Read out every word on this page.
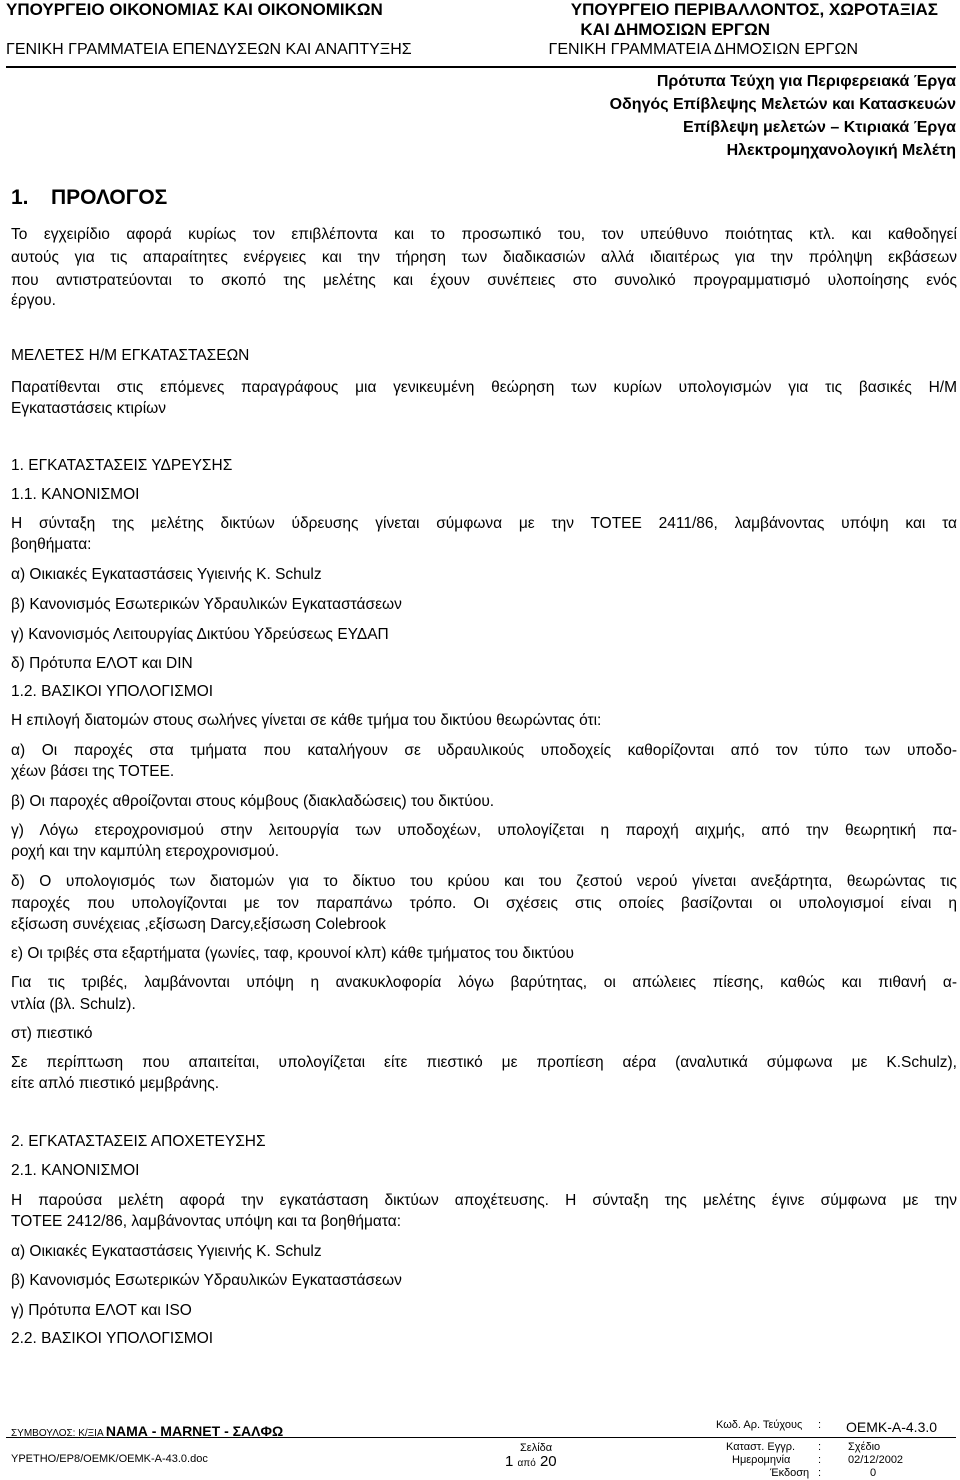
ΥΠΟΥΡΓΕΙΟ ΟΙΚΟΝΟΜΙΑΣ ΚΑΙ ΟΙΚΟΝΟΜΙΚΩΝ
ΓΕΝΙΚΗ ΓΡΑΜΜΑΤΕΙΑ ΕΠΕΝΔΥΣΕΩΝ ΚΑΙ ΑΝΑΠΤΥΞΗΣ
ΥΠΟΥΡΓΕΙΟ ΠΕΡΙΒΑΛΛΟΝΤΟΣ, ΧΩΡΟΤΑΞΙΑΣ
ΚΑΙ ΔΗΜΟΣΙΩΝ ΕΡΓΩΝ
ΓΕΝΙΚΗ ΓΡΑΜΜΑΤΕΙΑ ΔΗΜΟΣΙΩΝ ΕΡΓΩΝ
Πρότυπα Τεύχη για Περιφερειακά Έργα
Οδηγός Επίβλεψης Μελετών και Κατασκευών
Επίβλεψη μελετών – Κτιριακά Έργα
Ηλεκτρομηχανολογική Μελέτη
1. ΠΡΟΛΟΓΟΣ
Το εγχειρίδιο αφορά κυρίως τον επιβλέποντα και το προσωπικό του, τον υπεύθυνο ποιότητας κτλ. και καθοδηγεί
αυτούς για τις απαραίτητες ενέργειες και την τήρηση των διαδικασιών αλλά ιδιαιτέρως για την πρόληψη εκβάσεων
που αντιστρατεύονται το σκοπό της μελέτης και έχουν συνέπειες στο συνολικό προγραμματισμό υλοποίησης ενός
έργου.
ΜΕΛΕΤΕΣ Η/Μ ΕΓΚΑΤΑΣΤΑΣΕΩΝ
Παρατίθενται στις επόμενες παραγράφους μια γενικευμένη θεώρηση των κυρίων υπολογισμών για τις βασικές Η/Μ
Εγκαταστάσεις κτιρίων
1. ΕΓΚΑΤΑΣΤΑΣΕΙΣ ΥΔΡΕΥΣΗΣ
1.1. ΚΑΝΟΝΙΣΜΟΙ
Η σύνταξη της μελέτης δικτύων ύδρευσης γίνεται σύμφωνα με την ΤΟΤΕΕ 2411/86, λαμβάνοντας υπόψη και τα
βοηθήματα:
α) Οικιακές Εγκαταστάσεις Υγιεινής Κ. Schulz
β) Κανονισμός Εσωτερικών Υδραυλικών Εγκαταστάσεων
γ) Κανονισμός Λειτουργίας Δικτύου Υδρεύσεως ΕΥΔΑΠ
δ) Πρότυπα ΕΛΟΤ και DIN
1.2. ΒΑΣΙΚΟΙ ΥΠΟΛΟΓΙΣΜΟΙ
Η επιλογή διατομών στους σωλήνες γίνεται σε κάθε τμήμα του δικτύου θεωρώντας ότι:
α) Οι παροχές στα τμήματα που καταλήγουν σε υδραυλικούς υποδοχείς καθορίζονται από τον τύπο των υποδο-
χέων βάσει της ΤΟΤΕΕ.
β) Οι παροχές αθροίζονται στους κόμβους (διακλαδώσεις) του δικτύου.
γ) Λόγω ετεροχρονισμού στην λειτουργία των υποδοχέων, υπολογίζεται η παροχή αιχμής, από την θεωρητική πα-
ροχή και την καμπύλη ετεροχρονισμού.
δ) Ο υπολογισμός των διατομών για το δίκτυο του κρύου και του ζεστού νερού γίνεται ανεξάρτητα, θεωρώντας τις
παροχές που υπολογίζονται με τον παραπάνω τρόπο. Οι σχέσεις στις οποίες βασίζονται οι υπολογισμοί είναι η
εξίσωση συνέχειας ,εξίσωση Darcy,εξίσωση Colebrook
ε) Οι τριβές στα εξαρτήματα (γωνίες, ταφ, κρουνοί κλπ) κάθε τμήματος του δικτύου
Για τις τριβές, λαμβάνονται υπόψη η ανακυκλοφορία λόγω βαρύτητας, οι απώλειες πίεσης, καθώς και πιθανή α-
ντλία (βλ. Schulz).
στ) πιεστικό
Σε περίπτωση που απαιτείται, υπολογίζεται είτε πιεστικό με προπίεση αέρα (αναλυτικά σύμφωνα με Κ.Schulz),
είτε απλό πιεστικό μεμβράνης.
2. ΕΓΚΑΤΑΣΤΑΣΕΙΣ ΑΠΟΧΕΤΕΥΣΗΣ
2.1. ΚΑΝΟΝΙΣΜΟΙ
Η παρούσα μελέτη αφορά την εγκατάσταση δικτύων αποχέτευσης. Η σύνταξη της μελέτης έγινε σύμφωνα με την
ΤΟΤΕΕ 2412/86, λαμβάνοντας υπόψη και τα βοηθήματα:
α) Οικιακές Εγκαταστάσεις Υγιεινής Κ. Schulz
β) Κανονισμός Εσωτερικών Υδραυλικών Εγκαταστάσεων
γ) Πρότυπα ΕΛΟΤ και ISO
2.2. ΒΑΣΙΚΟΙ ΥΠΟΛΟΓΙΣΜΟΙ
ΣΥΜΒΟΥΛΟΣ: Κ/ΞΙΑ ΝΑΜΑ - ΜΑRΝΕΤ - ΣΑΛΦΩ	Κωδ. Αρ. Τεύχους : ΟΕΜΚ-Α-4.3.0
ΥΡΕΤΗΟ/ΕΡ8/ΟΕΜΚ/ΟΕΜΚ-Α-43.0.doc
Σελίδα
1 από 20
Καταστ. Εγγρ. : Σχέδιο
Ημερομηνία	: 02/12/2002
Έκδοση :	0
